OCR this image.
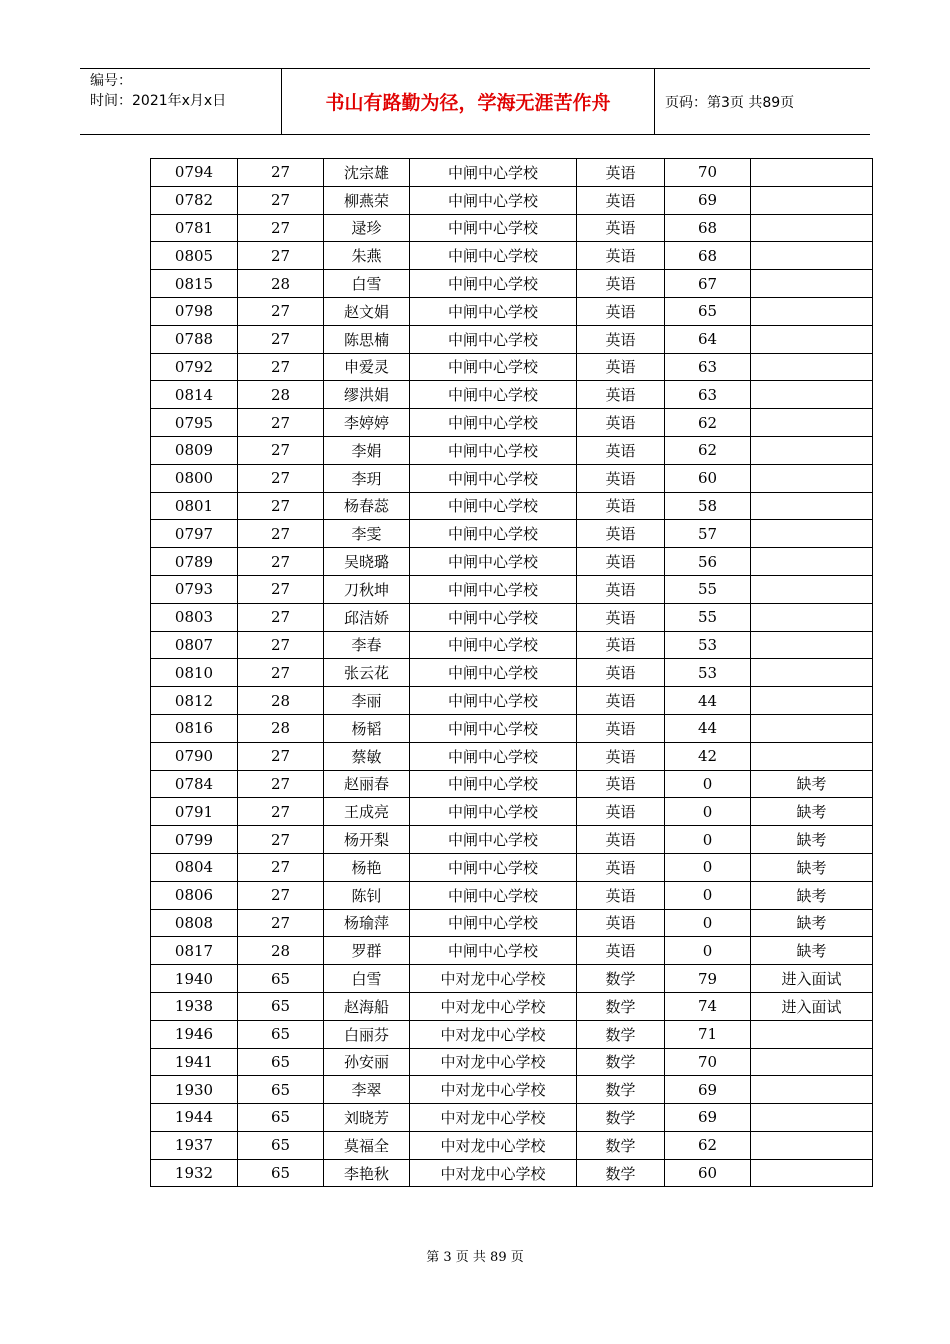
编号：
时间：2021年x月x日	书山有路勤为径，学海无涯苦作舟	页码：第3页 共89页
0794	27	沈宗雄	中闸中心学校	英语	70	
0782	27	柳燕荣	中闸中心学校	英语	69	
0781	27	逯珍	中闸中心学校	英语	68	
0805	27	朱燕	中闸中心学校	英语	68	
0815	28	白雪	中闸中心学校	英语	67	
0798	27	赵文娟	中闸中心学校	英语	65	
0788	27	陈思楠	中闸中心学校	英语	64	
0792	27	申爱灵	中闸中心学校	英语	63	
0814	28	缪洪娟	中闸中心学校	英语	63	
0795	27	李婷婷	中闸中心学校	英语	62	
0809	27	李娟	中闸中心学校	英语	62	
0800	27	李玥	中闸中心学校	英语	60	
0801	27	杨春蕊	中闸中心学校	英语	58	
0797	27	李雯	中闸中心学校	英语	57	
0789	27	吴晓璐	中闸中心学校	英语	56	
0793	27	刀秋坤	中闸中心学校	英语	55	
0803	27	邱洁娇	中闸中心学校	英语	55	
0807	27	李春	中闸中心学校	英语	53	
0810	27	张云花	中闸中心学校	英语	53	
0812	28	李丽	中闸中心学校	英语	44	
0816	28	杨韬	中闸中心学校	英语	44	
0790	27	蔡敏	中闸中心学校	英语	42	
0784	27	赵丽春	中闸中心学校	英语	0	缺考
0791	27	王成亮	中闸中心学校	英语	0	缺考
0799	27	杨开梨	中闸中心学校	英语	0	缺考
0804	27	杨艳	中闸中心学校	英语	0	缺考
0806	27	陈钊	中闸中心学校	英语	0	缺考
0808	27	杨瑜萍	中闸中心学校	英语	0	缺考
0817	28	罗群	中闸中心学校	英语	0	缺考
1940	65	白雪	中对龙中心学校	数学	79	进入面试
1938	65	赵海船	中对龙中心学校	数学	74	进入面试
1946	65	白丽芬	中对龙中心学校	数学	71	
1941	65	孙安丽	中对龙中心学校	数学	70	
1930	65	李翠	中对龙中心学校	数学	69	
1944	65	刘晓芳	中对龙中心学校	数学	69	
1937	65	莫福全	中对龙中心学校	数学	62	
1932	65	李艳秋	中对龙中心学校	数学	60	
第 3 页 共 89 页
